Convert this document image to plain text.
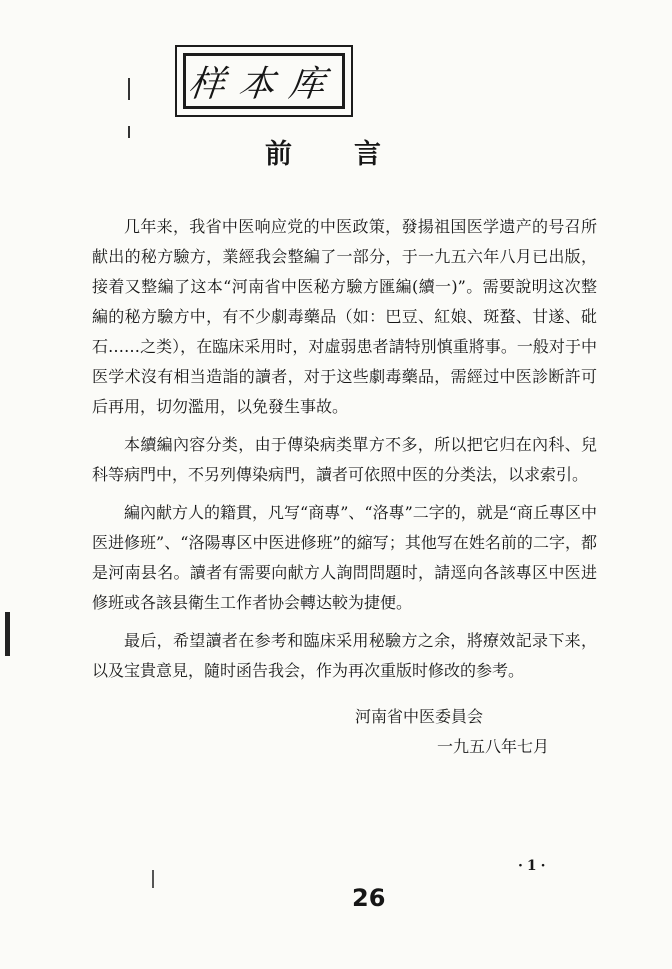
样本库
前言

几年来，我省中医响应党的中医政策，發揚祖国医学遗产的号召所献出的秘方驗方，業經我会整編了一部分，于一九五六年八月已出版，接着又整編了这本“河南省中医秘方驗方匯編(續一)”。需要說明这次整編的秘方驗方中，有不少劇毒藥品（如：巴豆、紅娘、斑蝥、甘遂、砒石……之类），在臨床采用时，对虛弱患者請特別慎重將事。一般对于中医学术沒有相当造詣的讀者，对于这些劇毒藥品，需經过中医診断許可后再用，切勿濫用，以免發生事故。

本續編內容分类，由于傳染病类單方不多，所以把它归在內科、兒科等病門中，不另列傳染病門，讀者可依照中医的分类法，以求索引。

編內献方人的籍貫，凡写“商專”、“洛專”二字的，就是“商丘專区中医进修班”、“洛陽專区中医进修班”的縮写；其他写在姓名前的二字，都是河南县名。讀者有需要向献方人詢問問題时，請逕向各該專区中医进修班或各該县衛生工作者协会轉达較为捷便。

最后，希望讀者在参考和臨床采用秘驗方之余，將療效記录下来，以及宝貴意見，隨时函告我会，作为再次重版时修改的参考。

河南省中医委員会
一九五八年七月
·1·
26
